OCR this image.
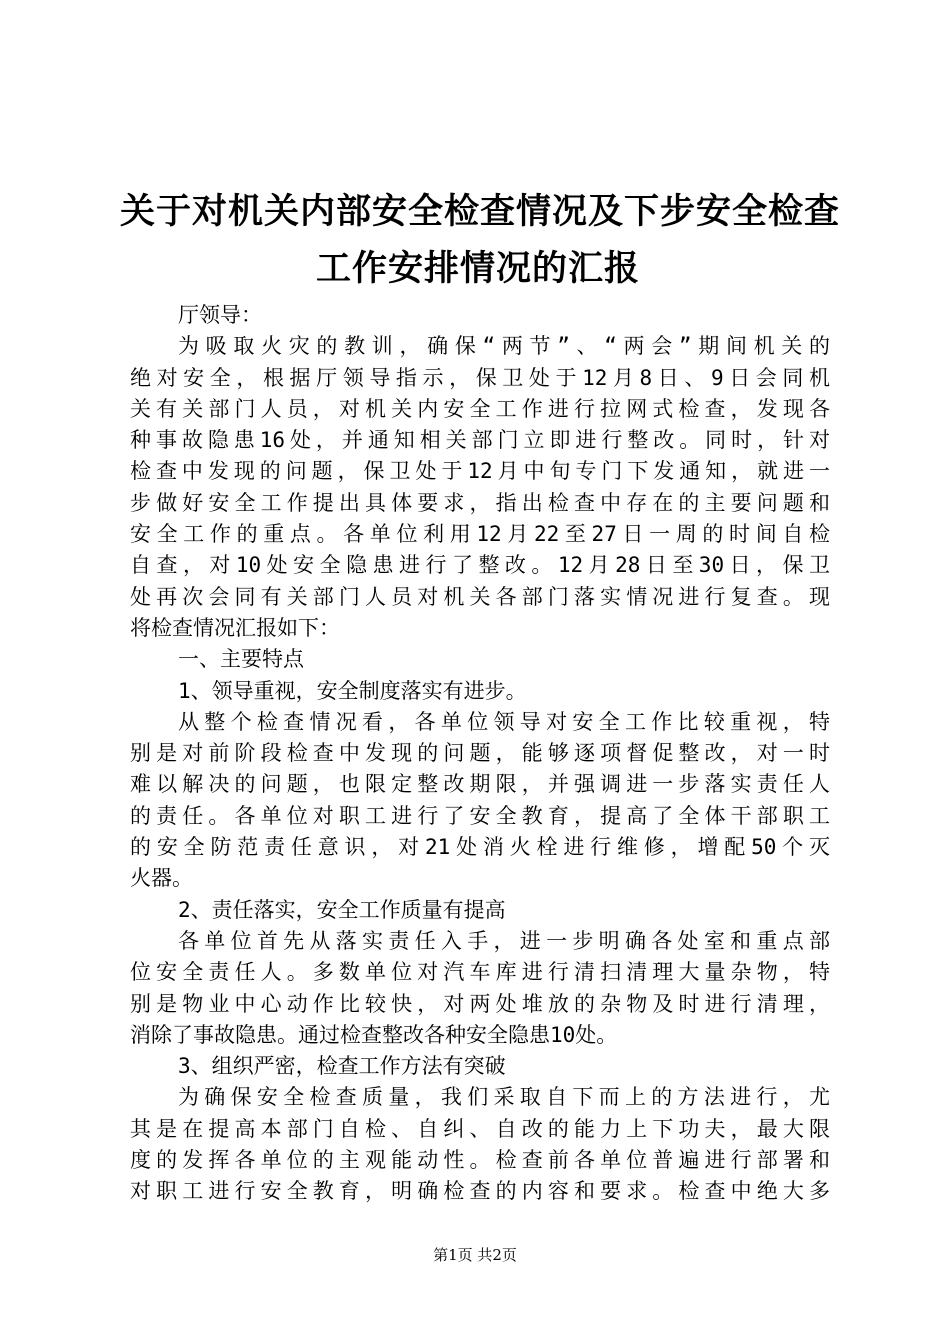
关于对机关内部安全检查情况及下步安全检查
工作安排情况的汇报
厅领导：
为吸取火灾的教训，确保“两节”、“两会”期间机关的
绝对安全，根据厅领导指示，保卫处于12月8日、9日会同机
关有关部门人员，对机关内安全工作进行拉网式检查，发现各
种事故隐患16处，并通知相关部门立即进行整改。同时，针对
检查中发现的问题，保卫处于12月中旬专门下发通知，就进一
步做好安全工作提出具体要求，指出检查中存在的主要问题和
安全工作的重点。各单位利用12月22至27日一周的时间自检
自查，对10处安全隐患进行了整改。12月28日至30日，保卫
处再次会同有关部门人员对机关各部门落实情况进行复查。现
将检查情况汇报如下：
一、主要特点
1、领导重视，安全制度落实有进步。
从整个检查情况看，各单位领导对安全工作比较重视，特
别是对前阶段检查中发现的问题，能够逐项督促整改，对一时
难以解决的问题，也限定整改期限，并强调进一步落实责任人
的责任。各单位对职工进行了安全教育，提高了全体干部职工
的安全防范责任意识，对21处消火栓进行维修，增配50个灭
火器。
2、责任落实，安全工作质量有提高
各单位首先从落实责任入手，进一步明确各处室和重点部
位安全责任人。多数单位对汽车库进行清扫清理大量杂物，特
别是物业中心动作比较快，对两处堆放的杂物及时进行清理，
消除了事故隐患。通过检查整改各种安全隐患10处。
3、组织严密，检查工作方法有突破
为确保安全检查质量，我们采取自下而上的方法进行，尤
其是在提高本部门自检、自纠、自改的能力上下功夫，最大限
度的发挥各单位的主观能动性。检查前各单位普遍进行部署和
对职工进行安全教育，明确检查的内容和要求。检查中绝大多
第1页 共2页
